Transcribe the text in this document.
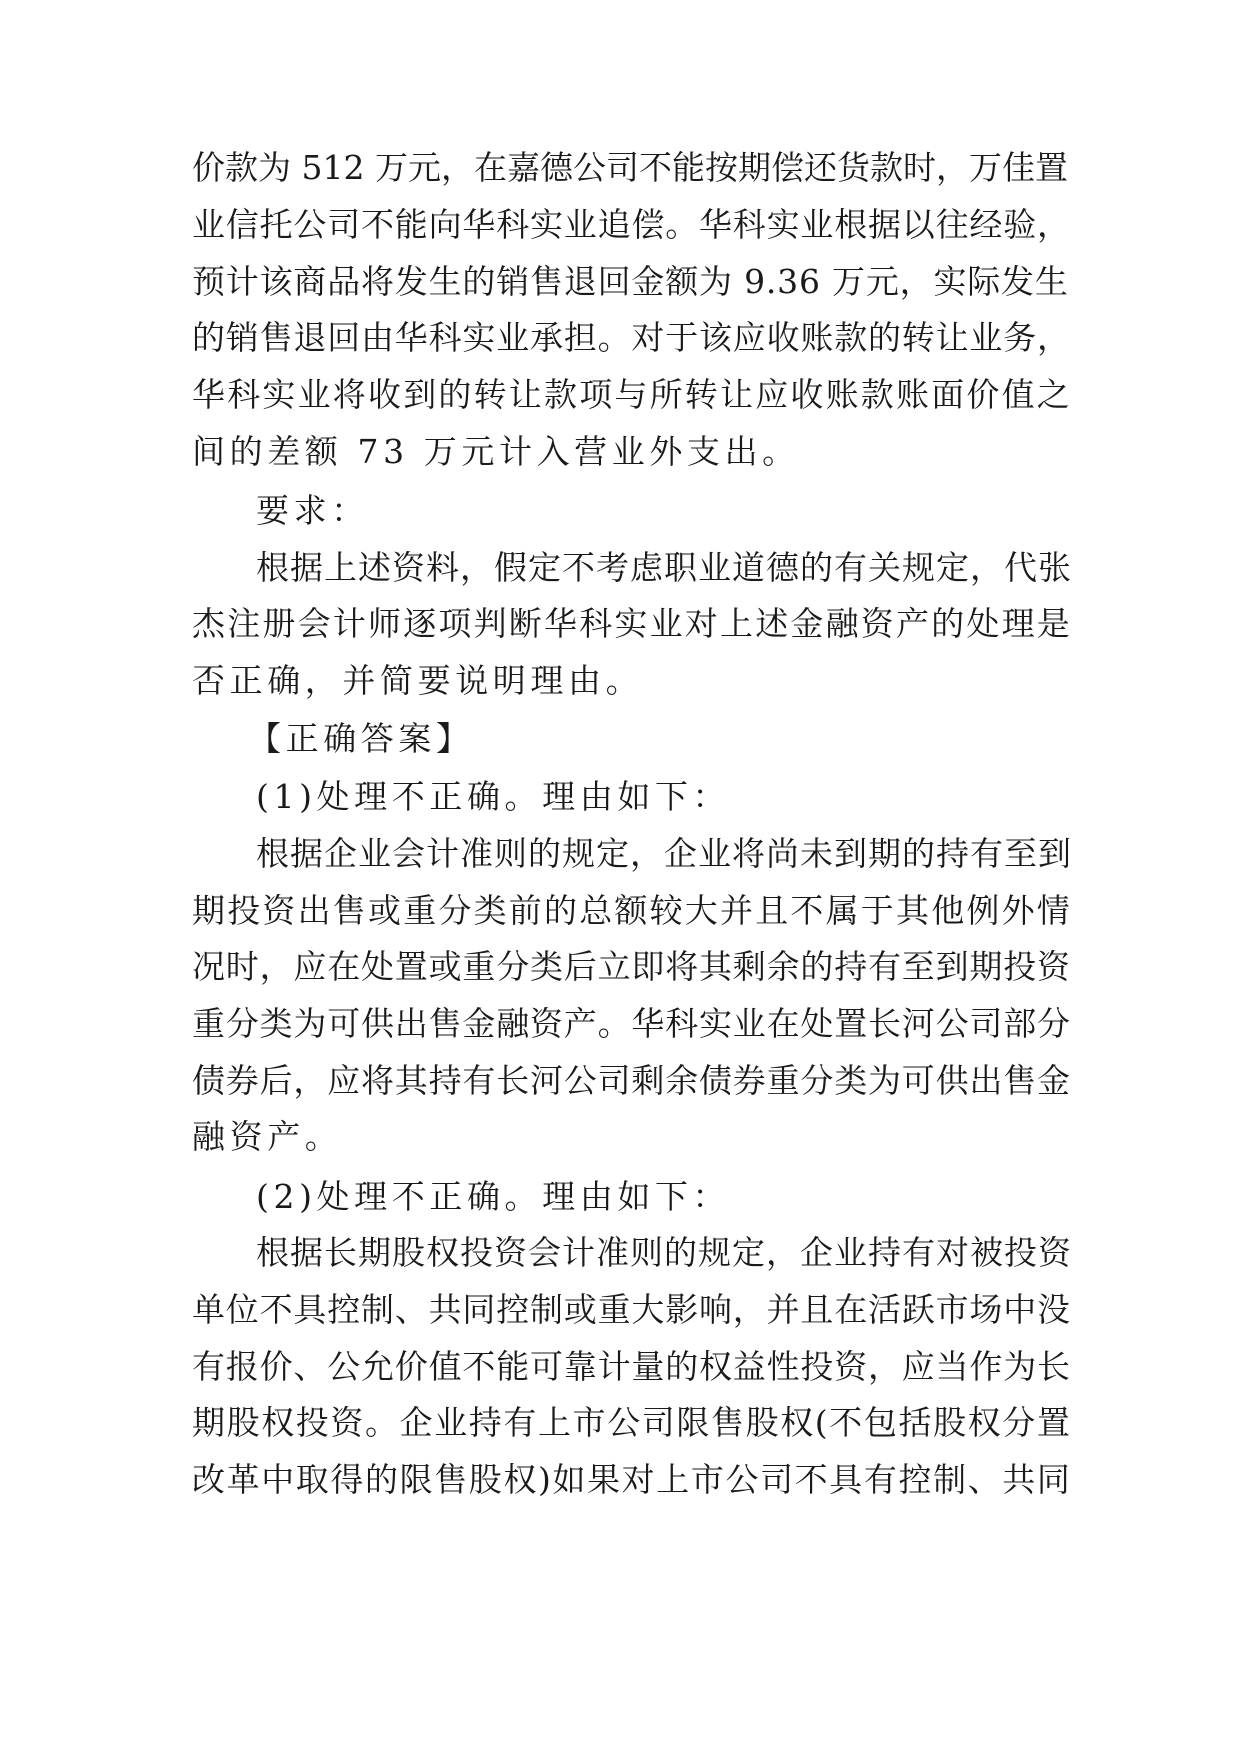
价款为 512 万元，在嘉德公司不能按期偿还货款时，万佳置
业信托公司不能向华科实业追偿。华科实业根据以往经验，
预计该商品将发生的销售退回金额为 9.36 万元，实际发生
的销售退回由华科实业承担。对于该应收账款的转让业务，
华科实业将收到的转让款项与所转让应收账款账面价值之
间的差额 73 万元计入营业外支出。
要求：
根据上述资料，假定不考虑职业道德的有关规定，代张
杰注册会计师逐项判断华科实业对上述金融资产的处理是
否正确，并简要说明理由。
【正确答案】
(1)处理不正确。理由如下：
根据企业会计准则的规定，企业将尚未到期的持有至到
期投资出售或重分类前的总额较大并且不属于其他例外情
况时，应在处置或重分类后立即将其剩余的持有至到期投资
重分类为可供出售金融资产。华科实业在处置长河公司部分
债券后，应将其持有长河公司剩余债券重分类为可供出售金
融资产。
(2)处理不正确。理由如下：
根据长期股权投资会计准则的规定，企业持有对被投资
单位不具控制、共同控制或重大影响，并且在活跃市场中没
有报价、公允价值不能可靠计量的权益性投资，应当作为长
期股权投资。企业持有上市公司限售股权(不包括股权分置
改革中取得的限售股权)如果对上市公司不具有控制、共同
